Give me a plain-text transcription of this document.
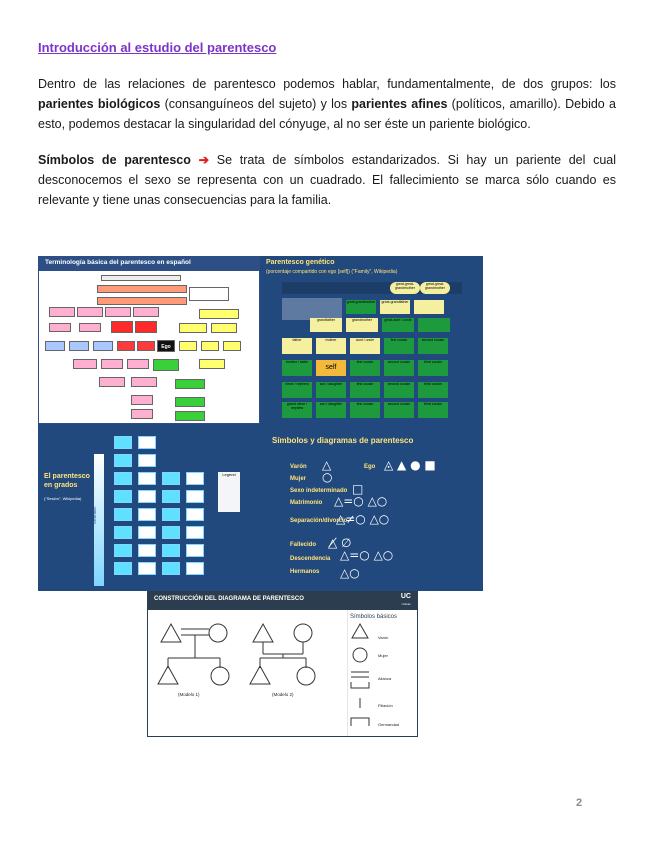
Introducción al estudio del parentesco
Dentro de las relaciones de parentesco podemos hablar, fundamentalmente, de dos grupos: los parientes biológicos (consanguíneos del sujeto) y los parientes afines (políticos, amarillo). Debido a esto, podemos destacar la singularidad del cónyuge, al no ser éste un pariente biológico.
Símbolos de parentesco ➔ Se trata de símbolos estandarizados. Si hay un pariente del cual desconocemos el sexo se representa con un cuadrado. El fallecimiento se marca sólo cuando es relevante y tiene unas consecuencias para la familia.
Terminología básica del parentesco en español
Ego
Parentesco genético
(porcentaje compartido con ego [self]) ("Family", Wikipedia)
great-great-grandmother
great-great-grandmother
great grandmother	great-grandfather
grandfather	grandmother	great-aunt / uncle
father	mother	aunt / uncle	first cousin	second cousin
brother / sister
self
first cousin	second cousin	third cousin
niece / nephew	son / daughter	first cousin	second cousin	third cousin
grand niece / nephew
son / daughter	first cousin	second cousin	third cousin
El parentesco en grados
("Sesión", Wikipedia)
Generation
Legend
Símbolos y diagramas de parentesco
Varón △	Ego ◬ ▲ ● ■
Mujer ○
Sexo indeterminado □
Matrimonio △=○ △○
Separación/divorcio
△≠○ △○
Fallecido △̸ ∅
Descendencia △=○ △○
Hermanos △○
CONSTRUCCIÓN DEL DIAGRAMA DE PARENTESCO	UC
Unican
(Modelo 1)	(Modelo 2)
Símbolos básicos
Varón
Mujer
Alianza
Filiación
Germandad
2
